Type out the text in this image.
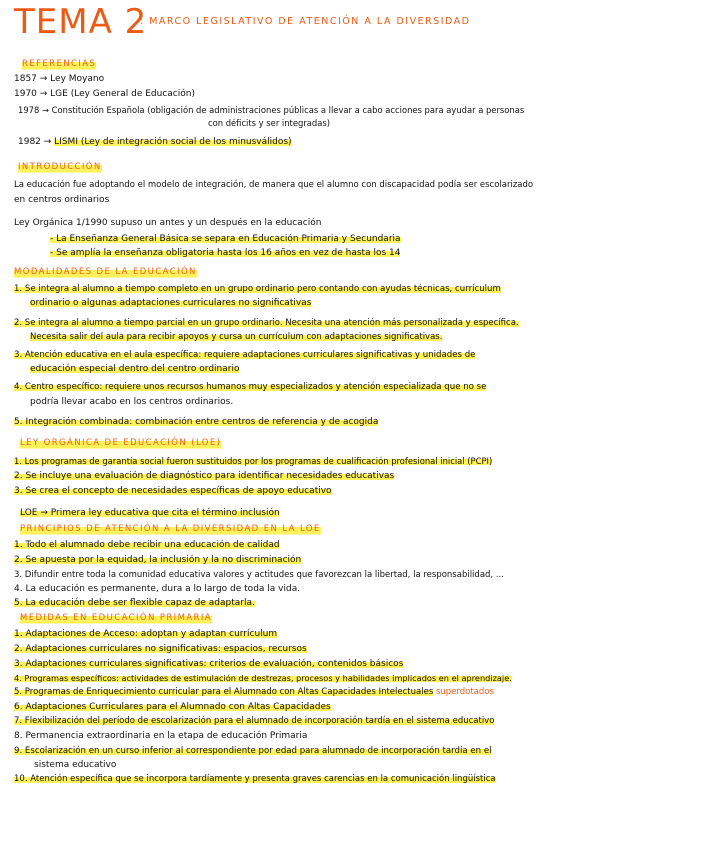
TEMA 2
: MARCO LEGISLATIVO DE ATENCIÓN A LA DIVERSIDAD
REFERENCIAS
1857 → Ley Moyano
1970 → LGE (Ley General de Educación)
1978 → Constitución Española (obligación de administraciones públicas a llevar a cabo acciones para ayudar a personas
con déficits y ser integradas)
1982 → LISMI (Ley de integración social de los minusválidos)
INTRODUCCIÓN
La educación fue adoptando el modelo de integración, de manera que el alumno con discapacidad podía ser escolarizado
en centros ordinarios
Ley Orgánica 1/1990 supuso un antes y un después en la educación
- La Enseñanza General Básica se separa en Educación Primaria y Secundaria
- Se amplía la enseñanza obligatoria hasta los 16 años en vez de hasta los 14
MODALIDADES DE LA EDUCACIÓN
1. Se integra al alumno a tiempo completo en un grupo ordinario pero contando con ayudas técnicas, currículum
ordinario o algunas adaptaciones curriculares no significativas
2. Se integra al alumno a tiempo parcial en un grupo ordinario. Necesita una atención más personalizada y específica.
Necesita salir del aula para recibir apoyos y cursa un currículum con adaptaciones significativas.
3. Atención educativa en el aula específica: requiere adaptaciones curriculares significativas y unidades de
educación especial dentro del centro ordinario
4. Centro específico: requiere unos recursos humanos muy especializados y atención especializada que no se
podría llevar acabo en los centros ordinarios.
5. Integración combinada: combinación entre centros de referencia y de acogida
LEY ORGÁNICA DE EDUCACIÓN (LOE)
1. Los programas de garantía social fueron sustituidos por los programas de cualificación profesional inicial (PCPI)
2. Se incluye una evaluación de diagnóstico para identificar necesidades educativas
3. Se crea el concepto de necesidades específicas de apoyo educativo
LOE → Primera ley educativa que cita el término inclusión
PRINCIPIOS DE ATENCIÓN A LA DIVERSIDAD EN LA LOE
1. Todo el alumnado debe recibir una educación de calidad
2. Se apuesta por la equidad, la inclusión y la no discriminación
3. Difundir entre toda la comunidad educativa valores y actitudes que favorezcan la libertad, la responsabilidad, ...
4. La educación es permanente, dura a lo largo de toda la vida.
5. La educación debe ser flexible capaz de adaptarla.
MEDIDAS EN EDUCACIÓN PRIMARIA
1. Adaptaciones de Acceso: adoptan y adaptan currículum
2. Adaptaciones curriculares no significativas: espacios, recursos
3. Adaptaciones curriculares significativas: criterios de evaluación, contenidos básicos
4. Programas específicos: actividades de estimulación de destrezas, procesos y habilidades implicados en el aprendizaje.
5. Programas de Enriquecimiento curricular para el Alumnado con Altas Capacidades Intelectuales superdotados
6. Adaptaciones Curriculares para el Alumnado con Altas Capacidades
7. Flexibilización del período de escolarización para el alumnado de incorporación tardía en el sistema educativo
8. Permanencia extraordinaria en la etapa de educación Primaria
9. Escolarización en un curso inferior al correspondiente por edad para alumnado de incorporación tardía en el
sistema educativo
10. Atención específica que se incorpora tardíamente y presenta graves carencias en la comunicación lingüística
